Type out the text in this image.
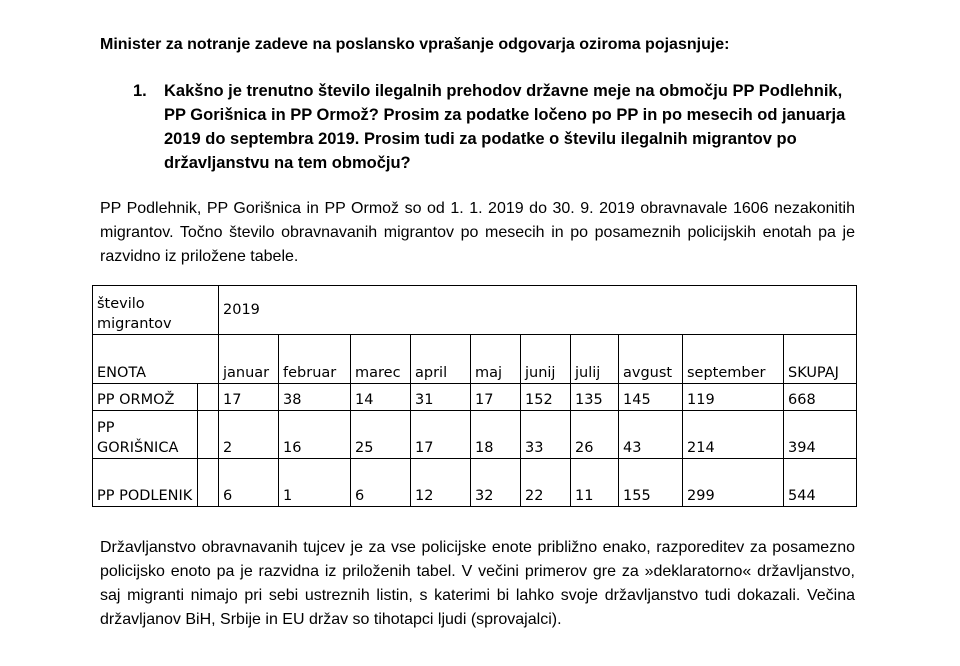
Minister za notranje zadeve na poslansko vprašanje odgovarja oziroma pojasnjuje:

1. Kakšno je trenutno število ilegalnih prehodov državne meje na območju PP Podlehnik, PP Gorišnica in PP Ormož? Prosim za podatke ločeno po PP in po mesecih od januarja 2019 do septembra 2019. Prosim tudi za podatke o številu ilegalnih migrantov po državljanstvu na tem območju?

PP Podlehnik, PP Gorišnica in PP Ormož so od 1. 1. 2019 do 30. 9. 2019 obravnavale 1606 nezakonitih migrantov. Točno število obravnavanih migrantov po mesecih in po posameznih policijskih enotah pa je razvidno iz priložene tabele.

število migrantov		2019									
ENOTA		januar	februar	marec	april	maj	junij	julij	avgust	september	SKUPAJ
PP ORMOŽ		17	38	14	31	17	152	135	145	119	668
PP GORIŠNICA		2	16	25	17	18	33	26	43	214	394
PP PODLENIK		6	1	6	12	32	22	11	155	299	544

Državljanstvo obravnavanih tujcev je za vse policijske enote približno enako, razporeditev za posamezno policijsko enoto pa je razvidna iz priloženih tabel. V večini primerov gre za »deklaratorno« državljanstvo, saj migranti nimajo pri sebi ustreznih listin, s katerimi bi lahko svoje državljanstvo tudi dokazali. Večina državljanov BiH, Srbije in EU držav so tihotapci ljudi (sprovajalci).
